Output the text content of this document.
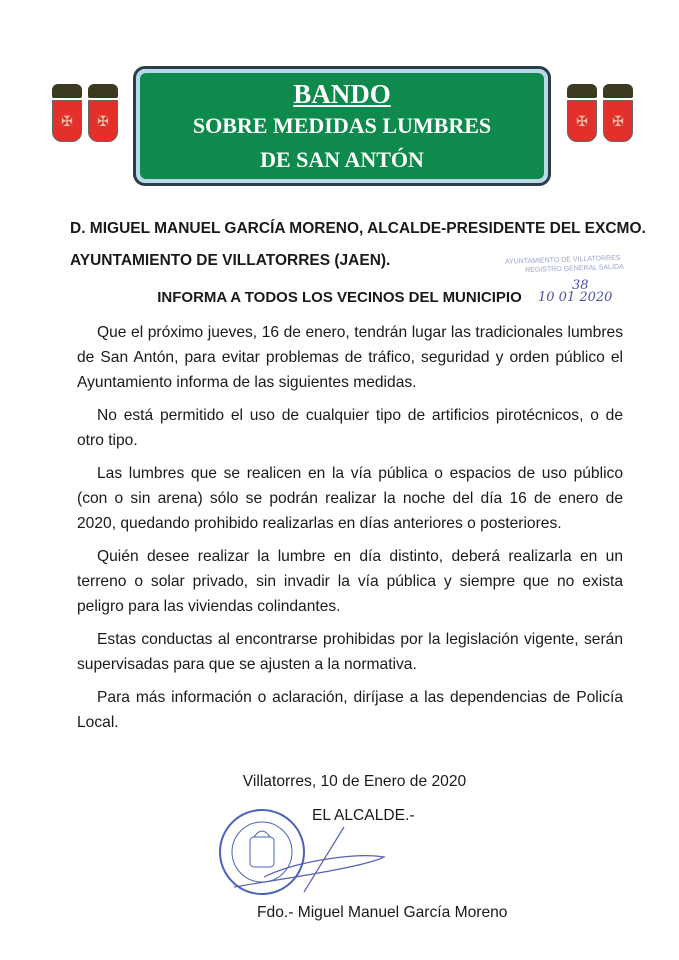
✠
✠
✠
✠
BANDO
SOBRE MEDIDAS LUMBRES
DE SAN ANTÓN
D. MIGUEL MANUEL GARCÍA MORENO, ALCALDE-PRESIDENTE DEL EXCMO.
AYUNTAMIENTO DE VILLATORRES (JAEN).	AYUNTAMIENTO DE VILLATORRES
REGISTRO GENERAL SALIDA
38
10 01 2020
INFORMA A TODOS LOS VECINOS DEL MUNICIPIO

Que el próximo jueves, 16 de enero, tendrán lugar las tradicionales lumbres de San Antón, para evitar problemas de tráfico, seguridad y orden público el Ayuntamiento informa de las siguientes medidas.

No está permitido el uso de cualquier tipo de artificios pirotécnicos, o de otro tipo.

Las lumbres que se realicen en la vía pública o espacios de uso público (con o sin arena) sólo se podrán realizar la noche del día 16 de enero de 2020, quedando prohibido realizarlas en días anteriores o posteriores.

Quién desee realizar la lumbre en día distinto, deberá realizarla en un terreno o solar privado, sin invadir la vía pública y siempre que no exista peligro para las viviendas colindantes.

Estas conductas al encontrarse prohibidas por la legislación vigente, serán supervisadas para que se ajusten a la normativa.

Para más información o aclaración, diríjase a las dependencias de Policía Local.

Villatorres, 10 de Enero de 2020
EL ALCALDE.-
Fdo.- Miguel Manuel García Moreno
